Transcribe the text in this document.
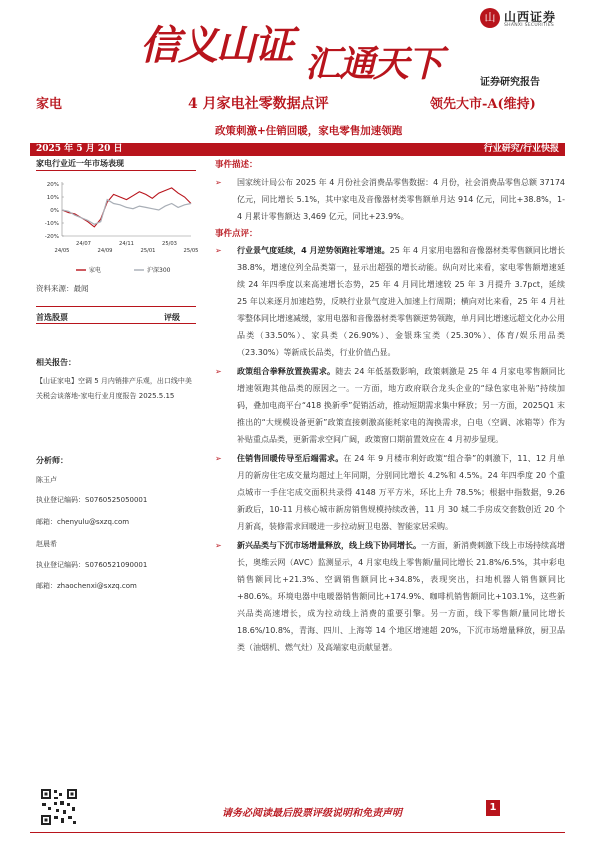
信义山证 汇通天下
山 山西证券
SHANXI SECURITIES
证券研究报告
家电	4 月家电社零数据点评	领先大市-A(维持)
政策刺激+住销回暖，家电零售加速领跑
2025 年 5 月 20 日	行业研究/行业快报
家电行业近一年市场表现
20%
10%
0%
-10%
-20%
24/05
24/07
24/09
24/11
25/01
25/03
25/05
家电	沪深300
资料来源：最闻
首选股票	评级
相关报告：
【山证家电】空调 5 月内销排产乐观，出口线中美关税会谈落地-家电行业月度报告 2025.5.15
分析师：
陈玉卢
执业登记编码：S0760525050001
邮箱：chenyulu@sxzq.com
赵晨希
执业登记编码：S0760521090001
邮箱：zhaochenxi@sxzq.com
事件描述：
➢ 国家统计局公布 2025 年 4 月份社会消费品零售数据：4 月份，社会消费品零售总额 37174 亿元，同比增长 5.1%，其中家电及音像器材类零售额单月达 914 亿元，同比+38.8%，1-4 月累计零售额达 3,469 亿元，同比+23.9%。
事件点评：
➢ 行业景气度延续，4 月逆势领跑社零增速。25 年 4 月家用电器和音像器材类零售额同比增长 38.8%，增速位列全品类第一，显示出超强的增长动能。纵向对比来看，家电零售额增速延续 24 年四季度以来高速增长态势，25 年 4 月同比增速较 25 年 3 月提升 3.7pct，延续 25 年以来逐月加速趋势，反映行业景气度进入加速上行周期；横向对比来看，25 年 4 月社零整体同比增速减缓，家用电器和音像器材类零售额逆势领跑，单月同比增速远超文化办公用品类（33.50%）、家具类（26.90%）、金银珠宝类（25.30%）、体育/娱乐用品类（23.30%）等新成长品类，行业价值凸显。
➢ 政策组合拳释放置换需求。随去 24 年低基数影响，政策刺激是 25 年 4 月家电零售额同比增速领跑其他品类的原因之一。一方面，地方政府联合龙头企业的“绿色家电补贴”持续加码，叠加电商平台“418 换新季”促销活动，推动短期需求集中释放；另一方面，2025Q1 末推出的“大规模设备更新”政策直接刺激高能耗家电的淘换需求，白电（空调、冰箱等）作为补贴重点品类，更新需求空间广阔，政策窗口期前置效应在 4 月初步显现。
➢ 住销售回暖传导至后端需求。在 24 年 9 月楼市利好政策“组合拳”的刺激下，11、12 月单月的新房住宅成交量均超过上年同期，分别同比增长 4.2%和 4.5%。24 年四季度 20 个重点城市一手住宅成交面积共录得 4148 万平方米，环比上升 78.5%；根据中指数据，9.26 新政后，10-11 月核心城市新房销售规模持续改善，11 月 30 城二手房成交套数创近 20 个月新高，装修需求回暖进一步拉动厨卫电器、智能家居采购。
➢ 新兴品类与下沉市场增量释放，线上线下协同增长。一方面，新消费刺激下线上市场持续高增长，奥维云网（AVC）监测显示，4 月家电线上零售额/量同比增长 21.8%/6.5%，其中彩电销售额同比+21.3%、空调销售额同比+34.8%，表现突出，扫地机器人销售额同比+80.6%。环境电器中电暖器销售额同比+174.9%、咖啡机销售额同比+103.1%，这些新兴品类高速增长，成为拉动线上消费的重要引擎。另一方面，线下零售额/量同比增长 18.6%/10.8%，青海、四川、上海等 14 个地区增速超 20%，下沉市场增量释放，厨卫品类（油烟机、燃气灶）及高端家电贡献显著。
请务必阅读最后股票评级说明和免责声明
1
